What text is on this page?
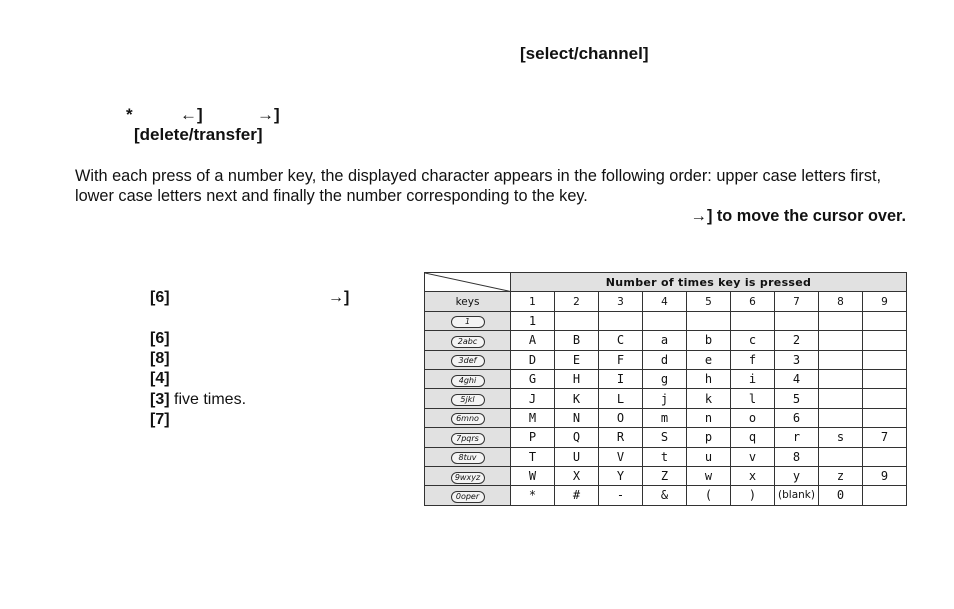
[select/channel]
*	←]	→]
[delete/transfer]
With each press of a number key, the displayed character appears in the following order: upper case letters first,
lower case letters next and finally the number corresponding to the key.
→] to move the cursor over.
[6]	→]
[6]
[8]
[4]
[3] five times.
[7]
	Number of times key is pressed								
keys	1	2	3	4	5	6	7	8	9
1	1								
2abc	A	B	C	a	b	c	2		
3def	D	E	F	d	e	f	3		
4ghi	G	H	I	g	h	i	4		
5jkl	J	K	L	j	k	l	5		
6mno	M	N	O	m	n	o	6		
7pqrs	P	Q	R	S	p	q	r	s	7
8tuv	T	U	V	t	u	v	8		
9wxyz	W	X	Y	Z	w	x	y	z	9
0oper	*	#	-	&	(	)	(blank)	0	
